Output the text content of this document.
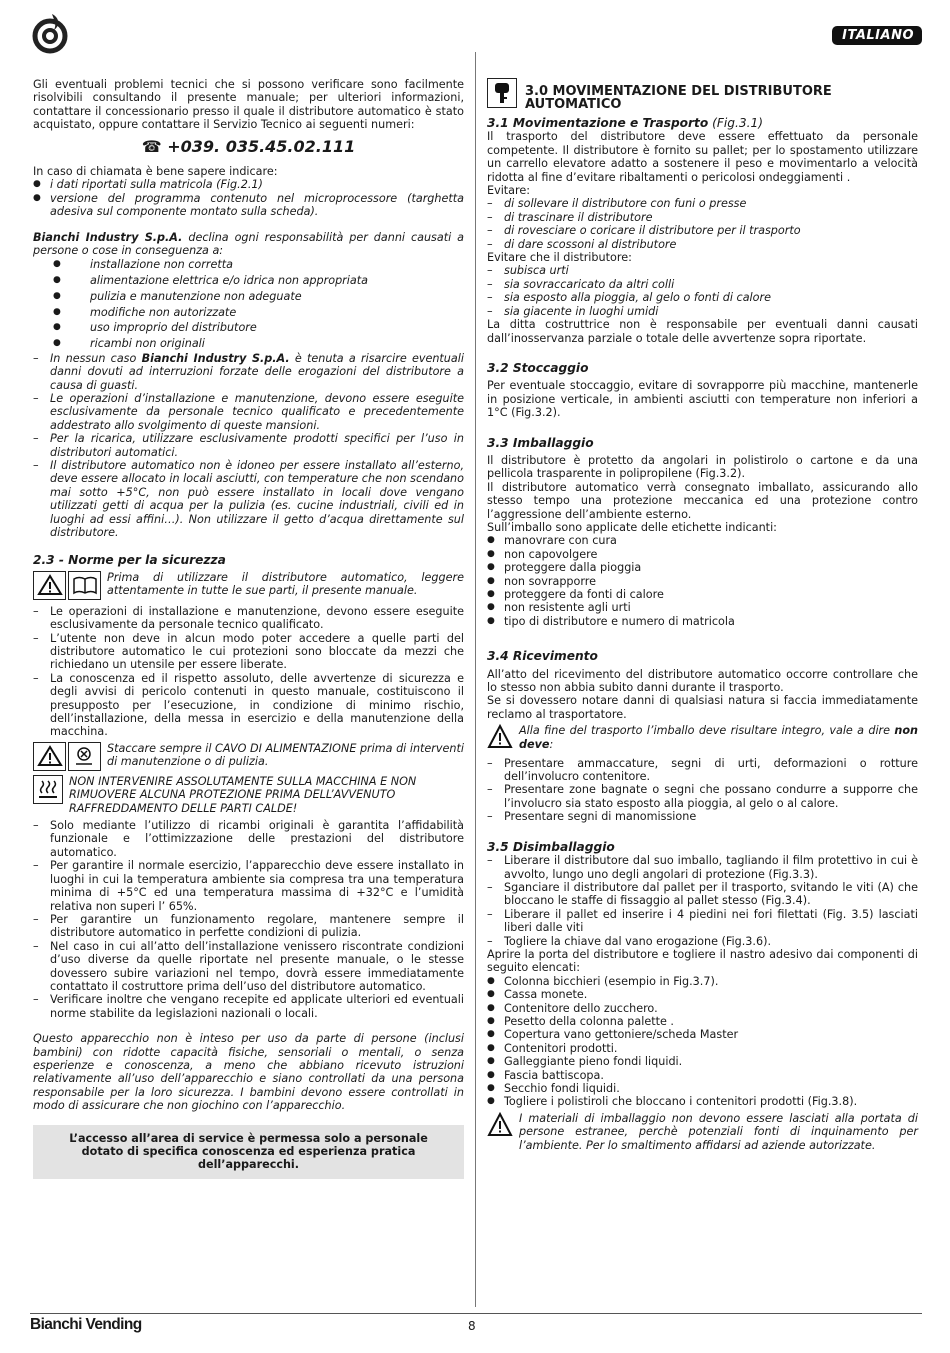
ITALIANO

Gli eventuali problemi tecnici che si possono verificare sono facilmente risolvibili consultando il presente manuale; per ulteriori informazioni, contattare il concessionario presso il quale il distributore automatico è stato acquistato, oppure contattare il Servizio Tecnico ai seguenti numeri:

☎ +039. 035.45.02.111

In caso di chiamata è bene sapere indicare:

● i dati riportati sulla matricola (Fig.2.1)
● versione del programma contenuto nel microprocessore (targhetta adesiva sul componente montato sulla scheda).

Bianchi Industry S.p.A. declina ogni responsabilità per danni causati a persone o cose in conseguenza a:

● installazione non corretta
● alimentazione elettrica e/o idrica non appropriata
● pulizia e manutenzione non adeguate
● modifiche non autorizzate
● uso improprio del distributore
● ricambi non originali
– In nessun caso Bianchi Industry S.p.A. è tenuta a risarcire eventuali danni dovuti ad interruzioni forzate delle erogazioni del distributore a causa di guasti.
– Le operazioni d’installazione e manutenzione, devono essere eseguite esclusivamente da personale tecnico qualificato e precedentemente addestrato allo svolgimento di queste mansioni.
– Per la ricarica, utilizzare esclusivamente prodotti specifici per l’uso in distributori automatici.
– Il distributore automatico non è idoneo per essere installato all’esterno, deve essere allocato in locali asciutti, con temperature che non scendano mai sotto +5°C, non può essere installato in locali dove vengano utilizzati getti di acqua per la pulizia (es. cucine industriali, civili ed in luoghi ad essi affini…). Non utilizzare il getto d’acqua direttamente sul distributore.
2.3 - Norme per la sicurezza

Prima di utilizzare il distributore automatico, leggere attentamente in tutte le sue parti, il presente manuale.

– Le operazioni di installazione e manutenzione, devono essere eseguite esclusivamente da personale tecnico qualificato.
– L’utente non deve in alcun modo poter accedere a quelle parti del distributore automatico le cui protezioni sono bloccate da mezzi che richiedano un utensile per essere liberate.
– La conoscenza ed il rispetto assoluto, delle avvertenze di sicurezza e degli avvisi di pericolo contenuti in questo manuale, costituiscono il presupposto per l’esecuzione, in condizione di minimo rischio, dell’installazione, della messa in esercizio e della manutenzione della macchina.

Staccare sempre il CAVO DI ALIMENTAZIONE prima di interventi di manutenzione o di pulizia.

NON INTERVENIRE ASSOLUTAMENTE SULLA MACCHINA E NON RIMUOVERE ALCUNA PROTEZIONE PRIMA DELL’AVVENUTO RAFFREDDAMENTO DELLE PARTI CALDE!

– Solo mediante l’utilizzo di ricambi originali è garantita l’affidabilità funzionale e l’ottimizzazione delle prestazioni del distributore automatico.
– Per garantire il normale esercizio, l’apparecchio deve essere installato in luoghi in cui la temperatura ambiente sia compresa tra una temperatura minima di +5°C ed una temperatura massima di +32°C e l’umidità relativa non superi l’ 65%.
– Per garantire un funzionamento regolare, mantenere sempre il distributore automatico in perfette condizioni di pulizia.
– Nel caso in cui all’atto dell’installazione venissero riscontrate condizioni d’uso diverse da quelle riportate nel presente manuale, o le stesse dovessero subire variazioni nel tempo, dovrà essere immediatamente contattato il costruttore prima dell’uso del distributore automatico.
– Verificare inoltre che vengano recepite ed applicate ulteriori ed eventuali norme stabilite da legislazioni nazionali o locali.

Questo apparecchio non è inteso per uso da parte di persone (inclusi bambini) con ridotte capacità fisiche, sensoriali o mentali, o senza esperienze e conoscenza, a meno che abbiano ricevuto istruzioni relativamente all’uso dell’apparecchio e siano controllati da una persona responsabile per la loro sicurezza. I bambini devono essere controllati in modo di assicurare che non giochino con l’apparecchio.

L’accesso all’area di service è permessa solo a personale dotato di specifica conoscenza ed esperienza pratica dell’apparecchi.
3.0 MOVIMENTAZIONE DEL DISTRIBUTORE AUTOMATICO
3.1 Movimentazione e Trasporto (Fig.3.1)

Il trasporto del distributore deve essere effettuato da personale competente. Il distributore è fornito su pallet; per lo spostamento utilizzare un carrello elevatore adatto a sostenere il peso e movimentarlo a velocità ridotta al fine d’evitare ribaltamenti o pericolosi ondeggiamenti .

Evitare:

– di sollevare il distributore con funi o presse
– di trascinare il distributore
– di rovesciare o coricare il distributore per il trasporto
– di dare scossoni al distributore

Evitare che il distributore:

– subisca urti
– sia sovraccaricato da altri colli
– sia esposto alla pioggia, al gelo o fonti di calore
– sia giacente in luoghi umidi

La ditta costruttrice non è responsabile per eventuali danni causati dall’inosservanza parziale o totale delle avvertenze sopra riportate.

3.2 Stoccaggio

Per eventuale stoccaggio, evitare di sovrapporre più macchine, mantenerle in posizione verticale, in ambienti asciutti con temperature non inferiori a 1°C (Fig.3.2).

3.3 Imballaggio

Il distributore è protetto da angolari in polistirolo o cartone e da una pellicola trasparente in polipropilene (Fig.3.2).

Il distributore automatico verrà consegnato imballato, assicurando allo stesso tempo una protezione meccanica ed una protezione contro l’aggressione dell’ambiente esterno.

Sull’imballo sono applicate delle etichette indicanti:

● manovrare con cura
● non capovolgere
● proteggere dalla pioggia
● non sovrapporre
● proteggere da fonti di calore
● non resistente agli urti
● tipo di distributore e numero di matricola
3.4 Ricevimento

All’atto del ricevimento del distributore automatico occorre controllare che lo stesso non abbia subito danni durante il trasporto.

Se si dovessero notare danni di qualsiasi natura si faccia immediatamente reclamo al trasportatore.

Alla fine del trasporto l’imballo deve risultare integro, vale a dire non deve:

– Presentare ammaccature, segni di urti, deformazioni o rotture dell’involucro contenitore.
– Presentare zone bagnate o segni che possano condurre a supporre che l’involucro sia stato esposto alla pioggia, al gelo o al calore.
– Presentare segni di manomissione
3.5 Disimballaggio
– Liberare il distributore dal suo imballo, tagliando il film protettivo in cui è avvolto, lungo uno degli angolari di protezione (Fig.3.3).
– Sganciare il distributore dal pallet per il trasporto, svitando le viti (A) che bloccano le staffe di fissaggio al pallet stesso (Fig.3.4).
– Liberare il pallet ed inserire i 4 piedini nei fori filettati (Fig. 3.5) lasciati liberi dalle viti
– Togliere la chiave dal vano erogazione (Fig.3.6).

Aprire la porta del distributore e togliere il nastro adesivo dai componenti di seguito elencati:

● Colonna bicchieri (esempio in Fig.3.7).
● Cassa monete.
● Contenitore dello zucchero.
● Pesetto della colonna palette .
● Copertura vano gettoniere/scheda Master
● Contenitori prodotti.
● Galleggiante pieno fondi liquidi.
● Fascia battiscopa.
● Secchio fondi liquidi.
● Togliere i polistiroli che bloccano i contenitori prodotti (Fig.3.8).

I materiali di imballaggio non devono essere lasciati alla portata di persone estranee, perchè potenziali fonti di inquinamento per l’ambiente. Per lo smaltimento affidarsi ad aziende autorizzate.

Bianchi Vending	8
